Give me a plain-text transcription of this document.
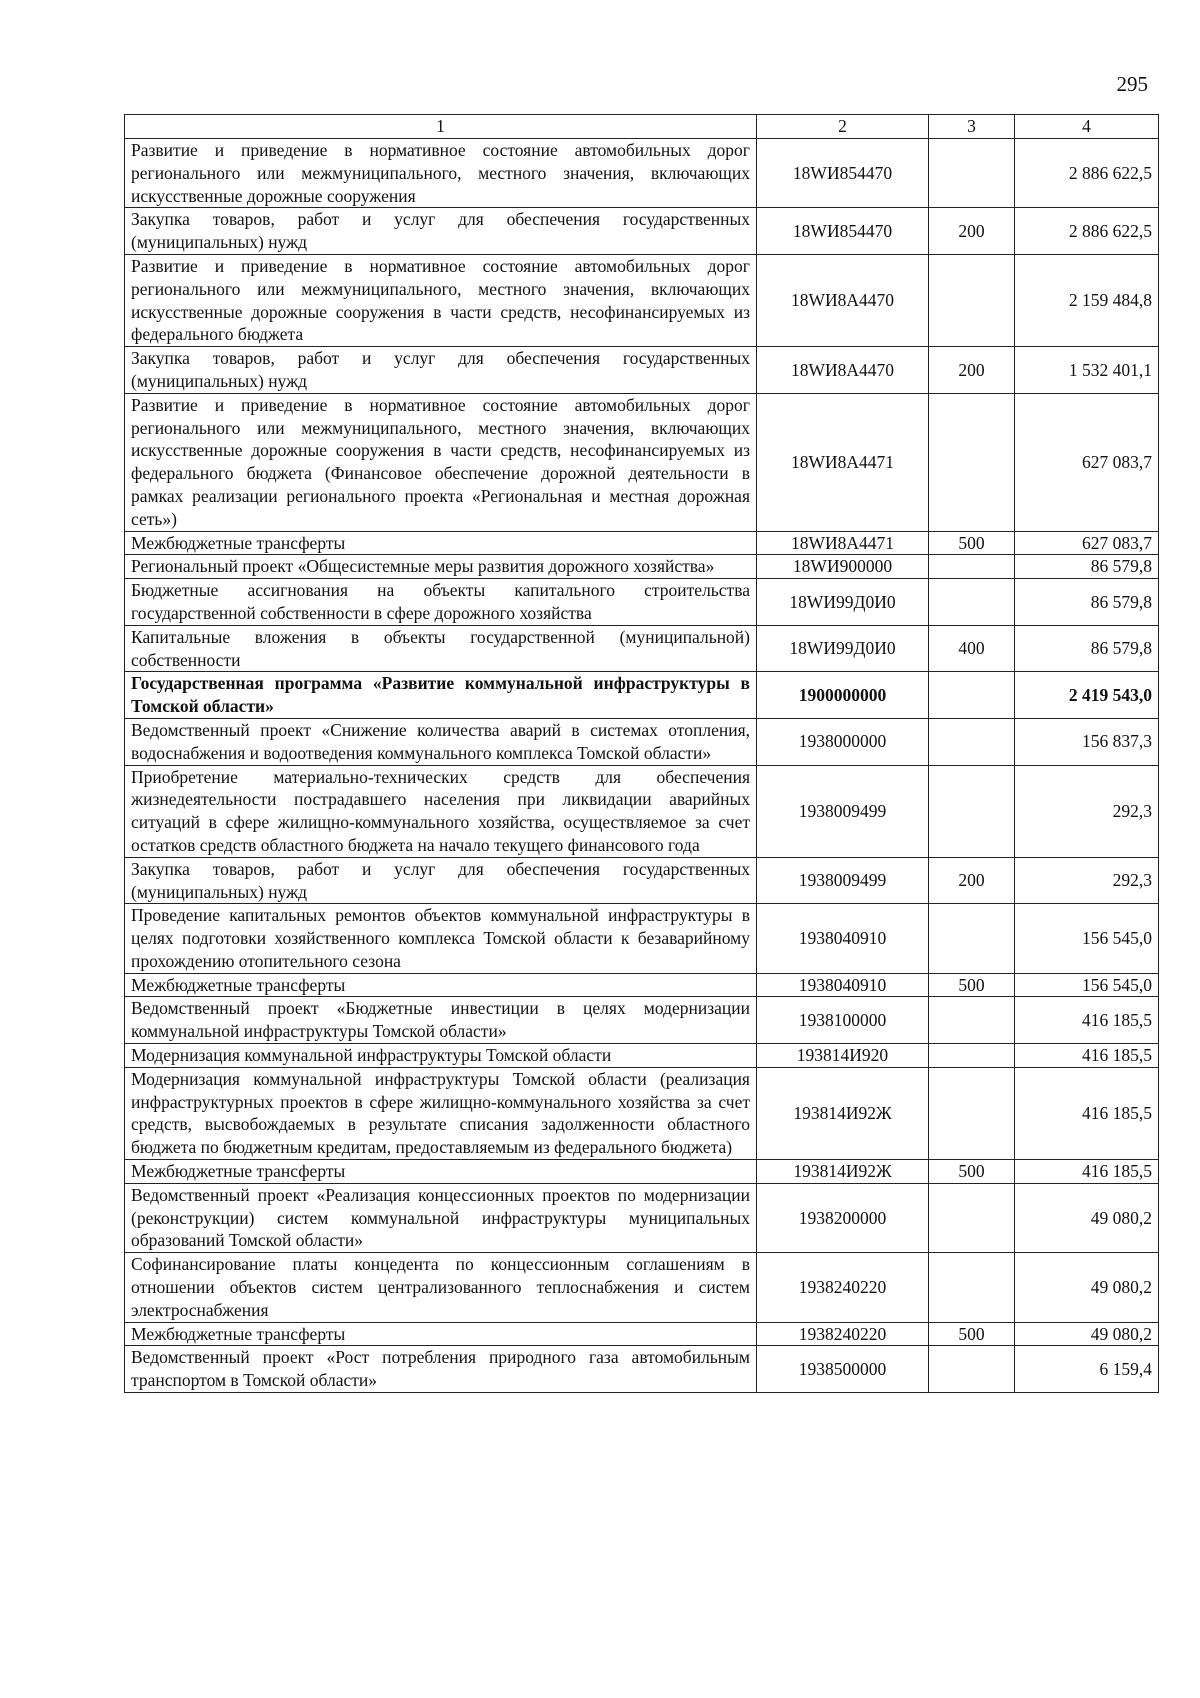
295
1	2	3	4
Развитие и приведение в нормативное состояние автомобильных дорог регионального или межмуниципального, местного значения, включающих искусственные дорожные сооружения	18WИ854470		2 886 622,5
Закупка товаров, работ и услуг для обеспечения государственных (муниципальных) нужд	18WИ854470	200	2 886 622,5
Развитие и приведение в нормативное состояние автомобильных дорог регионального или межмуниципального, местного значения, включающих искусственные дорожные сооружения в части средств, несофинансируемых из федерального бюджета	18WИ8А4470		2 159 484,8
Закупка товаров, работ и услуг для обеспечения государственных (муниципальных) нужд	18WИ8А4470	200	1 532 401,1
Развитие и приведение в нормативное состояние автомобильных дорог регионального или межмуниципального, местного значения, включающих искусственные дорожные сооружения в части средств, несофинансируемых из федерального бюджета (Финансовое обеспечение дорожной деятельности в рамках реализации регионального проекта «Региональная и местная дорожная сеть»)	18WИ8А4471		627 083,7
Межбюджетные трансферты	18WИ8А4471	500	627 083,7
Региональный проект «Общесистемные меры развития дорожного хозяйства»	18WИ900000		86 579,8
Бюджетные ассигнования на объекты капитального строительства государственной собственности в сфере дорожного хозяйства	18WИ99Д0И0		86 579,8
Капитальные вложения в объекты государственной (муниципальной) собственности	18WИ99Д0И0	400	86 579,8
Государственная программа «Развитие коммунальной инфраструктуры в Томской области»	1900000000		2 419 543,0
Ведомственный проект «Снижение количества аварий в системах отопления, водоснабжения и водоотведения коммунального комплекса Томской области»	1938000000		156 837,3
Приобретение материально-технических средств для обеспечения жизнедеятельности пострадавшего населения при ликвидации аварийных ситуаций в сфере жилищно-коммунального хозяйства, осуществляемое за счет остатков средств областного бюджета на начало текущего финансового года	1938009499		292,3
Закупка товаров, работ и услуг для обеспечения государственных (муниципальных) нужд	1938009499	200	292,3
Проведение капитальных ремонтов объектов коммунальной инфраструктуры в целях подготовки хозяйственного комплекса Томской области к безаварийному прохождению отопительного сезона	1938040910		156 545,0
Межбюджетные трансферты	1938040910	500	156 545,0
Ведомственный проект «Бюджетные инвестиции в целях модернизации коммунальной инфраструктуры Томской области»	1938100000		416 185,5
Модернизация коммунальной инфраструктуры Томской области	193814И920		416 185,5
Модернизация коммунальной инфраструктуры Томской области (реализация инфраструктурных проектов в сфере жилищно-коммунального хозяйства за счет средств, высвобождаемых в результате списания задолженности областного бюджета по бюджетным кредитам, предоставляемым из федерального бюджета)	193814И92Ж		416 185,5
Межбюджетные трансферты	193814И92Ж	500	416 185,5
Ведомственный проект «Реализация концессионных проектов по модернизации (реконструкции) систем коммунальной инфраструктуры муниципальных образований Томской области»	1938200000		49 080,2
Софинансирование платы концедента по концессионным соглашениям в отношении объектов систем централизованного теплоснабжения и систем электроснабжения	1938240220		49 080,2
Межбюджетные трансферты	1938240220	500	49 080,2
Ведомственный проект «Рост потребления природного газа автомобильным транспортом в Томской области»	1938500000		6 159,4
